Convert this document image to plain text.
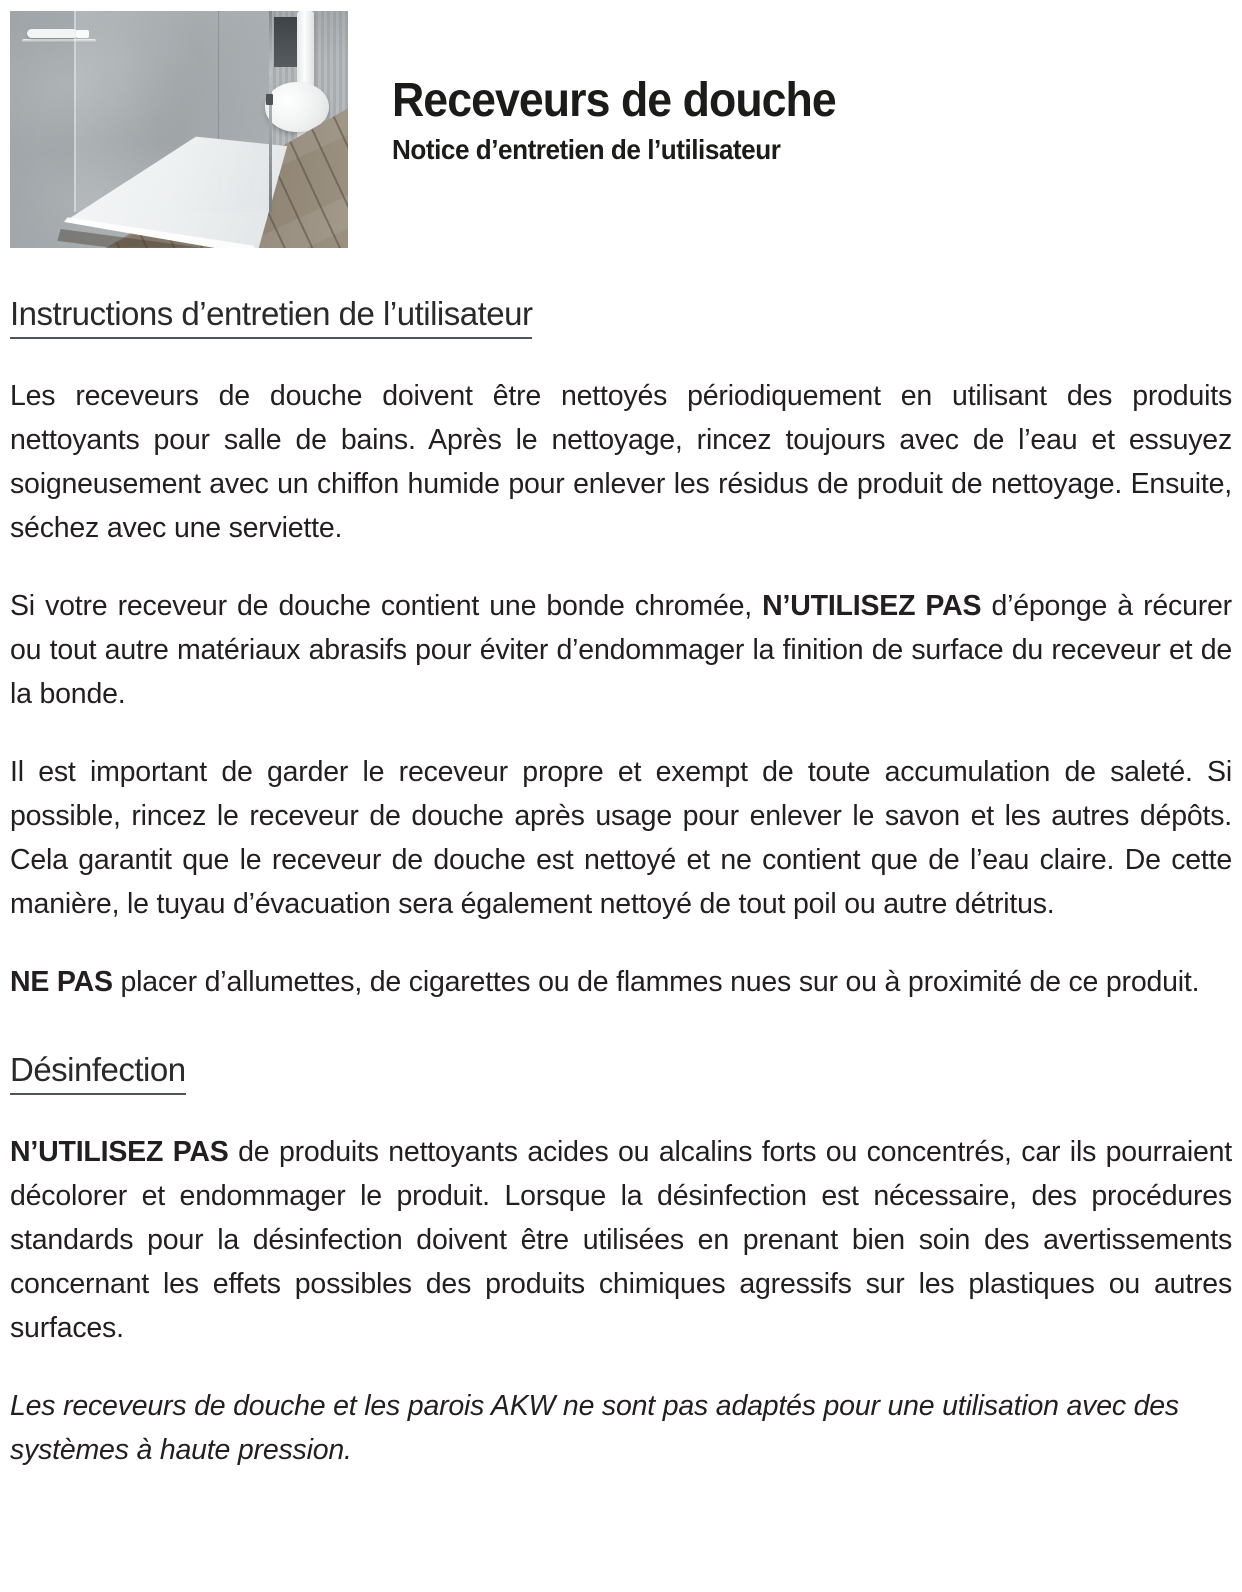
Receveurs de douche
Notice d’entretien de l’utilisateur
Instructions d’entretien de l’utilisateur

Les receveurs de douche doivent être nettoyés périodiquement en utilisant des produits nettoyants pour salle de bains. Après le nettoyage, rincez toujours avec de l’eau et essuyez soigneusement avec un chiffon humide pour enlever les résidus de produit de nettoyage. Ensuite, séchez avec une serviette.

Si votre receveur de douche contient une bonde chromée, N’UTILISEZ PAS d’éponge à récurer ou tout autre matériaux abrasifs pour éviter d’endommager la finition de surface du receveur et de la bonde.

Il est important de garder le receveur propre et exempt de toute accumulation de saleté. Si possible, rincez le receveur de douche après usage pour enlever le savon et les autres dépôts. Cela garantit que le receveur de douche est nettoyé et ne contient que de l’eau claire. De cette manière, le tuyau d’évacuation sera également nettoyé de tout poil ou autre détritus.

NE PAS placer d’allumettes, de cigarettes ou de flammes nues sur ou à proximité de ce produit.

Désinfection

N’UTILISEZ PAS de produits nettoyants acides ou alcalins forts ou concentrés, car ils pourraient décolorer et endommager le produit. Lorsque la désinfection est nécessaire, des procédures standards pour la désinfection doivent être utilisées en prenant bien soin des avertissements concernant les effets possibles des produits chimiques agressifs sur les plastiques ou autres surfaces.

Les receveurs de douche et les parois AKW ne sont pas adaptés pour une utilisation avec des systèmes à haute pression.
